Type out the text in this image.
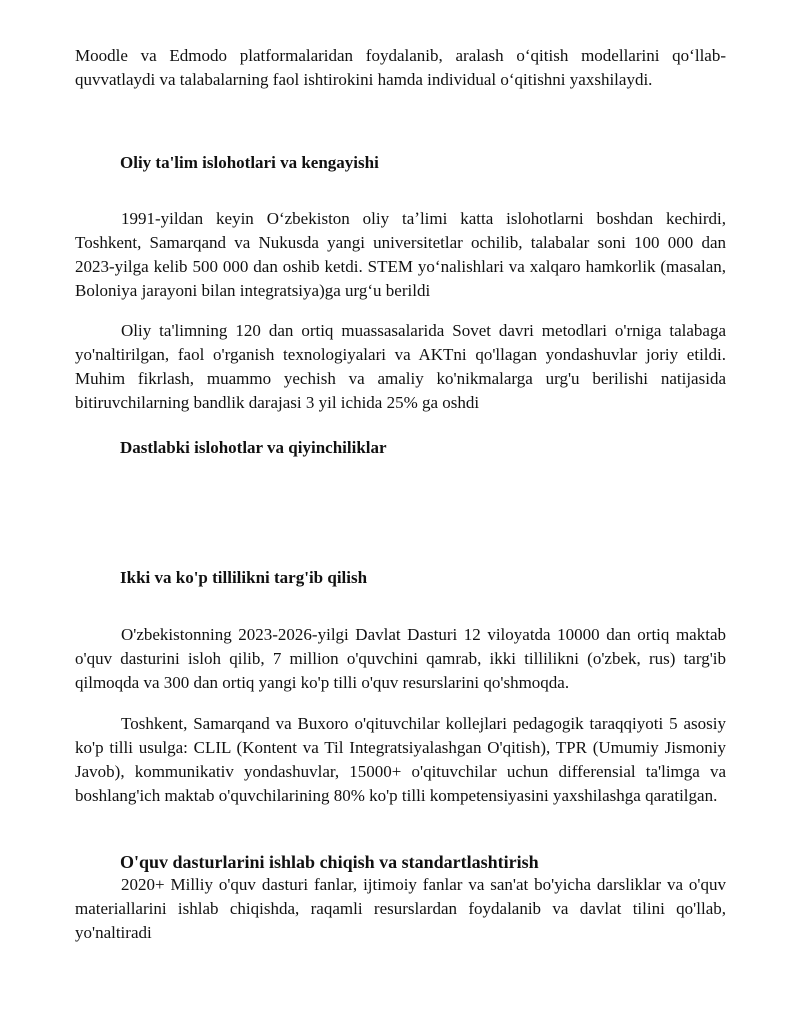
Moodle va Edmodo platformalaridan foydalanib, aralash oʻqitish modellarini qoʻllab-quvvatlaydi va talabalarning faol ishtirokini hamda individual oʻqitishni yaxshilaydi.

Oliy ta'lim islohotlari va kengayishi

1991-yildan keyin Oʻzbekiston oliy taʼlimi katta islohotlarni boshdan kechirdi, Toshkent, Samarqand va Nukusda yangi universitetlar ochilib, talabalar soni 100 000 dan 2023-yilga kelib 500 000 dan oshib ketdi. STEM yoʻnalishlari va xalqaro hamkorlik (masalan, Boloniya jarayoni bilan integratsiya)ga urgʻu berildi

Oliy ta'limning 120 dan ortiq muassasalarida Sovet davri metodlari o'rniga talabaga yo'naltirilgan, faol o'rganish texnologiyalari va AKTni qo'llagan yondashuvlar joriy etildi. Muhim fikrlash, muammo yechish va amaliy ko'nikmalarga urg'u berilishi natijasida bitiruvchilarning bandlik darajasi 3 yil ichida 25% ga oshdi

Dastlabki islohotlar va qiyinchiliklar
Ikki va ko'p tillilikni targ'ib qilish

O'zbekistonning 2023-2026-yilgi Davlat Dasturi 12 viloyatda 10000 dan ortiq maktab o'quv dasturini isloh qilib, 7 million o'quvchini qamrab, ikki tillilikni (o'zbek, rus) targ'ib qilmoqda va 300 dan ortiq yangi ko'p tilli o'quv resurslarini qo'shmoqda.

Toshkent, Samarqand va Buxoro o'qituvchilar kollejlari pedagogik taraqqiyoti 5 asosiy ko'p tilli usulga: CLIL (Kontent va Til Integratsiyalashgan O'qitish), TPR (Umumiy Jismoniy Javob), kommunikativ yondashuvlar, 15000+ o'qituvchilar uchun differensial ta'limga va boshlang'ich maktab o'quvchilarining 80% ko'p tilli kompetensiyasini yaxshilashga qaratilgan.

O'quv dasturlarini ishlab chiqish va standartlashtirish

2020+ Milliy o'quv dasturi fanlar, ijtimoiy fanlar va san'at bo'yicha darsliklar va o'quv materiallarini ishlab chiqishda, raqamli resurslardan foydalanib va davlat tilini qo'llab, yo'naltiradi
